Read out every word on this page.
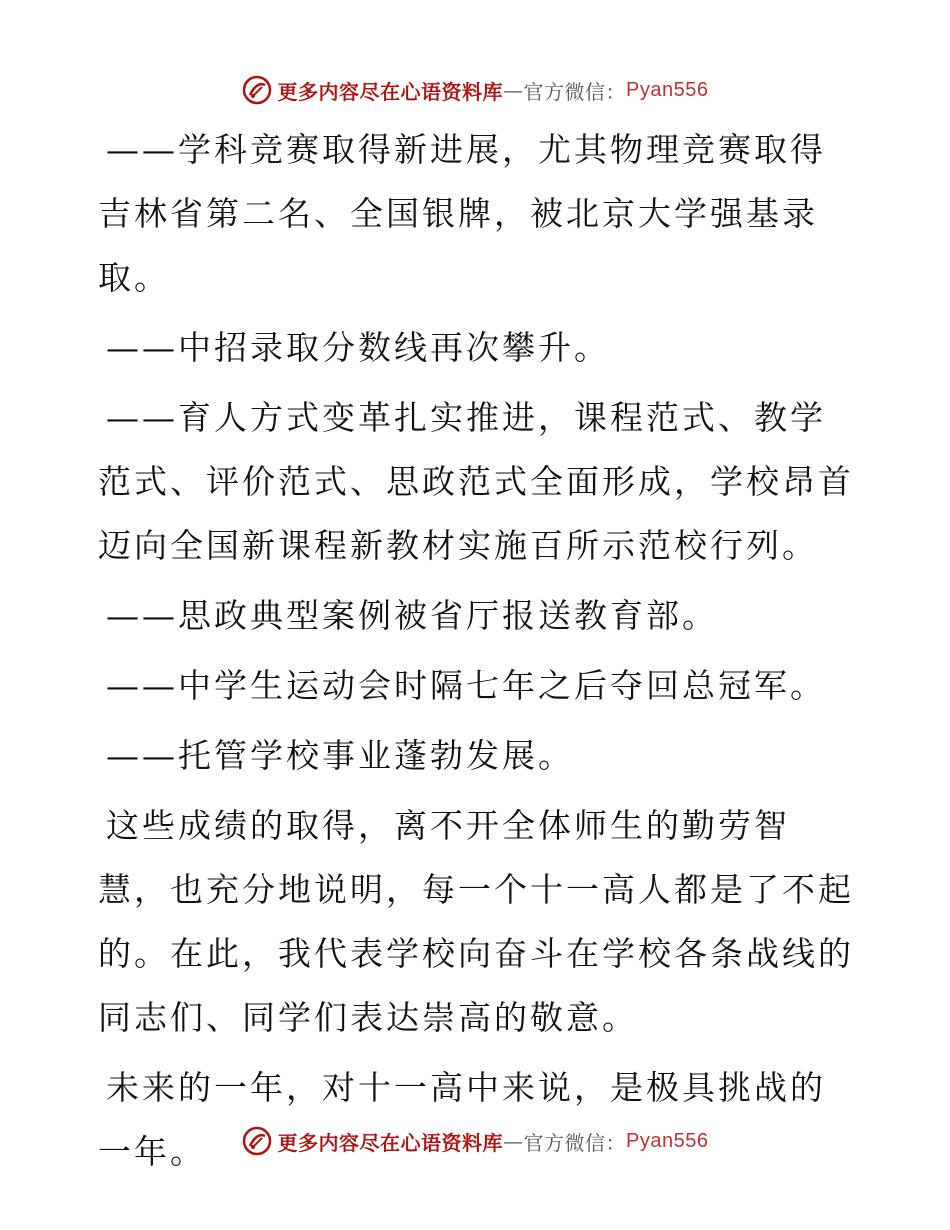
更多内容尽在心语资料库 — 官方微信： Pyan556

——学科竞赛取得新进展，尤其物理竞赛取得吉林省第二名、全国银牌，被北京大学强基录取。

——中招录取分数线再次攀升。

——育人方式变革扎实推进，课程范式、教学范式、评价范式、思政范式全面形成，学校昂首迈向全国新课程新教材实施百所示范校行列。

——思政典型案例被省厅报送教育部。

——中学生运动会时隔七年之后夺回总冠军。

——托管学校事业蓬勃发展。

这些成绩的取得，离不开全体师生的勤劳智慧，也充分地说明，每一个十一高人都是了不起的。在此，我代表学校向奋斗在学校各条战线的同志们、同学们表达崇高的敬意。

未来的一年，对十一高中来说，是极具挑战的一年。	更多内容尽在心语资料库 — 官方微信： Pyan556
